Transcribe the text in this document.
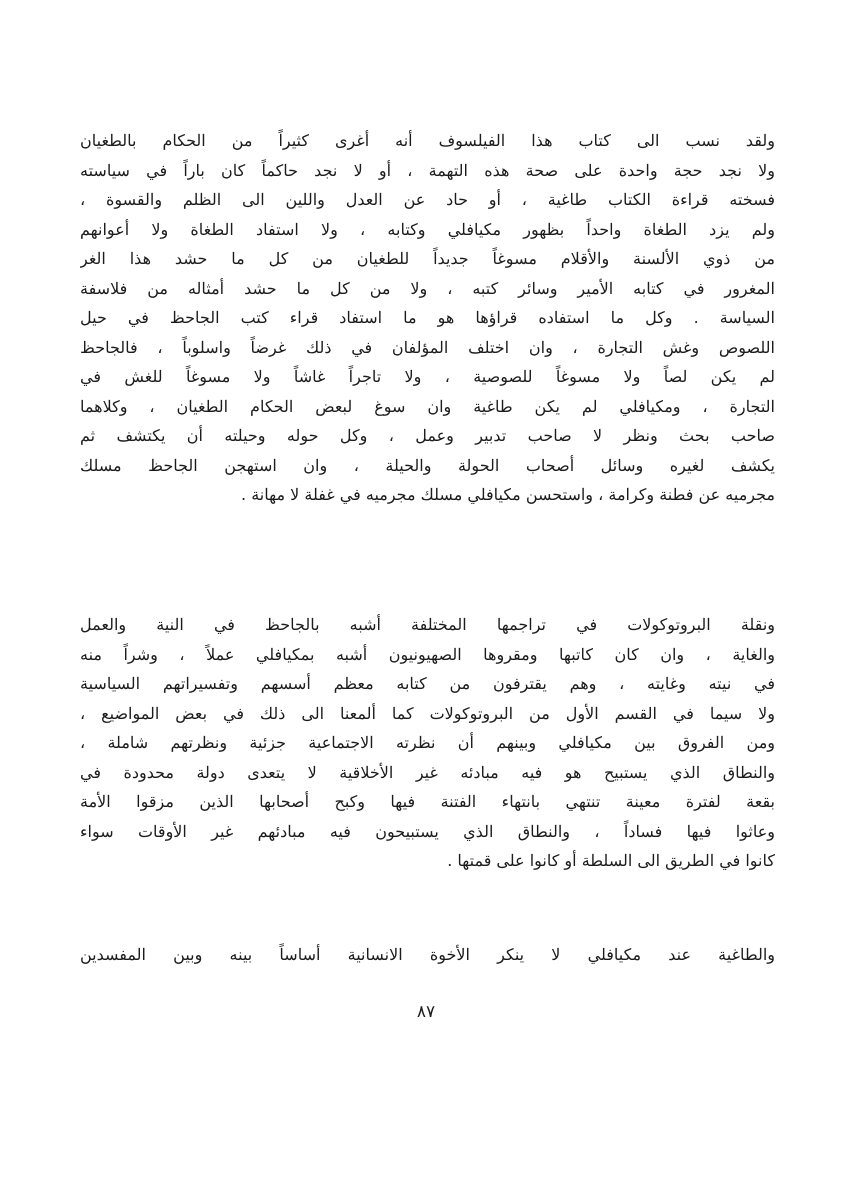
ولقد نسب الى كتاب هذا الفيلسوف أنه أغرى كثيراً من الحكام بالطغيان
ولا نجد حجة واحدة على صحة هذه التهمة ، أو لا نجد حاكماً كان باراً في سياسته
فسخته قراءة الكتاب طاغية ، أو حاد عن العدل واللين الى الظلم والقسوة ،
ولم يزد الطغاة واحداً بظهور مكيافلي وكتابه ، ولا استفاد الطغاة ولا أعوانهم
من ذوي الألسنة والأقلام مسوغاً جديداً للطغيان من كل ما حشد هذا الغر
المغرور في كتابه الأمير وسائر كتبه ، ولا من كل ما حشد أمثاله من فلاسفة
السياسة . وكل ما استفاده قراؤها هو ما استفاد قراء كتب الجاحظ في حيل
اللصوص وغش التجارة ، وان اختلف المؤلفان في ذلك غرضاً واسلوباً ، فالجاحظ
لم يكن لصاً ولا مسوغاً للصوصية ، ولا تاجراً غاشاً ولا مسوغاً للغش في
التجارة ، ومكيافلي لم يكن طاغية وان سوغ لبعض الحكام الطغيان ، وكلاهما
صاحب بحث ونظر لا صاحب تدبير وعمل ، وكل حوله وحيلته أن يكتشف ثم
يكشف لغيره وسائل أصحاب الحولة والحيلة ، وان استهجن الجاحظ مسلك
مجرميه عن فطنة وكرامة ، واستحسن مكيافلي مسلك مجرميه في غفلة لا مهانة .
ونقلة البروتوكولات في تراجمها المختلفة أشبه بالجاحظ في النية والعمل
والغاية ، وان كان كاتبها ومقروها الصهيونيون أشبه بمكيافلي عملاً ، وشراً منه
في نيته وغايته ، وهم يقترفون من كتابه معظم أسسهم وتفسيراتهم السياسية
ولا سيما في القسم الأول من البروتوكولات كما ألمعنا الى ذلك في بعض المواضيع ،
ومن الفروق بين مكيافلي وبينهم أن نظرته الاجتماعية جزئية ونظرتهم شاملة ،
والنطاق الذي يستبيح هو فيه مبادئه غير الأخلاقية لا يتعدى دولة محدودة في
بقعة لفترة معينة تنتهي بانتهاء الفتنة فيها وكبح أصحابها الذين مزقوا الأمة
وعاثوا فيها فساداً ، والنطاق الذي يستبيحون فيه مبادئهم غير الأوقات سواء
كانوا في الطريق الى السلطة أو كانوا على قمتها .
والطاغية عند مكيافلي لا ينكر الأخوة الانسانية أساساً بينه وبين المفسدين
٨٧
